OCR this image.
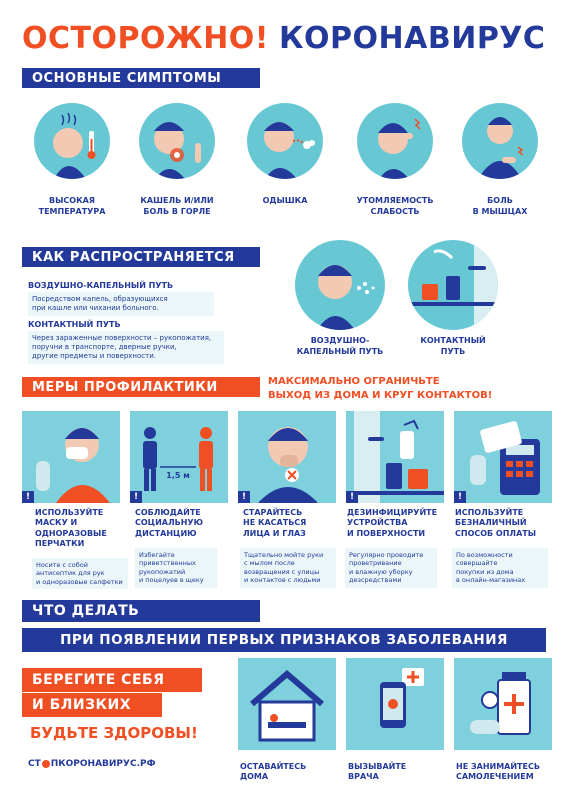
ОСТОРОЖНО! КОРОНАВИРУС
ОСНОВНЫЕ СИМПТОМЫ
ВЫСОКАЯ
ТЕМПЕРАТУРА
КАШЕЛЬ И/ИЛИ
БОЛЬ В ГОРЛЕ
ОДЫШКА	УТОМЛЯЕМОСТЬ
СЛАБОСТЬ
БОЛЬ
В МЫШЦАХ
КАК РАСПРОСТРАНЯЕТСЯ
ВОЗДУШНО-КАПЕЛЬНЫЙ ПУТЬ
Посредством капель, образующихся
при кашле или чихании больного.
КОНТАКТНЫЙ ПУТЬ
Через зараженные поверхности – рукопожатия,
поручни в транспорте, дверные ручки,
другие предметы и поверхности.
ВОЗДУШНО-
КАПЕЛЬНЫЙ ПУТЬ
КОНТАКТНЫЙ
ПУТЬ
МЕРЫ ПРОФИЛАКТИКИ	МАКСИМАЛЬНО ОГРАНИЧЬТЕ
ВЫХОД ИЗ ДОМА И КРУГ КОНТАКТОВ!
!
1,5 м
!	!	!	!
ИСПОЛЬЗУЙТЕ
МАСКУ И
ОДНОРАЗОВЫЕ
ПЕРЧАТКИ
СОБЛЮДАЙТЕ
СОЦИАЛЬНУЮ
ДИСТАНЦИЮ
СТАРАЙТЕСЬ
НЕ КАСАТЬСЯ
ЛИЦА И ГЛАЗ
ДЕЗИНФИЦИРУЙТЕ
УСТРОЙСТВА
И ПОВЕРХНОСТИ
ИСПОЛЬЗУЙТЕ
БЕЗНАЛИЧНЫЙ
СПОСОБ ОПЛАТЫ
Носите с собой
антисептик для рук
и одноразовые салфетки
Избегайте
приветственных
рукопожатий
и поцелуев в щеку
Тщательно мойте руки
с мылом после
возвращения с улицы
и контактов с людьми
Регулярно проводите
проветривание
и влажную уборку
дезсредствами
По возможности
совершайте
покупки из дома
в онлайн-магазинах
ЧТО ДЕЛАТЬ
ПРИ ПОЯВЛЕНИИ ПЕРВЫХ ПРИЗНАКОВ ЗАБОЛЕВАНИЯ
БЕРЕГИТЕ СЕБЯ
И БЛИЗКИХ
БУДЬТЕ ЗДОРОВЫ!
СТ ПКОРОНАВИРУС.РФ	ОСТАВАЙТЕСЬ
ДОМА
ВЫЗЫВАЙТЕ
ВРАЧА
НЕ ЗАНИМАЙТЕСЬ
САМОЛЕЧЕНИЕМ
